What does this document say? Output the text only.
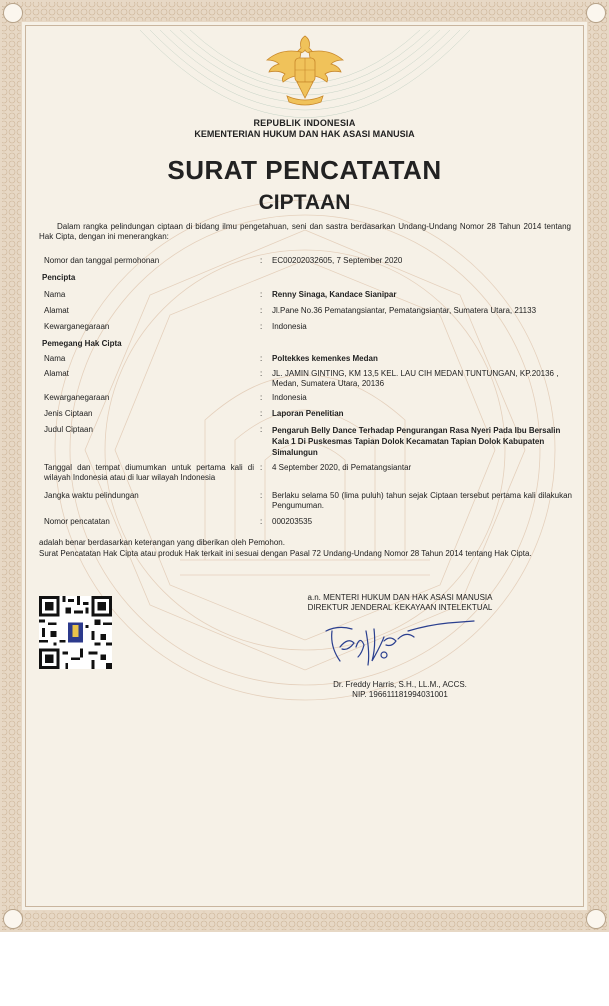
REPUBLIK INDONESIA
KEMENTERIAN HUKUM DAN HAK ASASI MANUSIA
SURAT PENCATATAN
CIPTAAN
Dalam rangka pelindungan ciptaan di bidang ilmu pengetahuan, seni dan sastra berdasarkan Undang-Undang Nomor 28 Tahun 2014 tentang Hak Cipta, dengan ini menerangkan:
Nomor dan tanggal permohonan	: EC00202032605, 7 September 2020
Pencipta
Nama	: Renny Sinaga, Kandace Sianipar
Alamat	: Jl.Pane No.36 Pematangsiantar, Pematangsiantar, Sumatera Utara, 21133
Kewarganegaraan	: Indonesia
Pemegang Hak Cipta
Nama	: Poltekkes kemenkes Medan
Alamat	: JL. JAMIN GINTING, KM 13,5 KEL. LAU CIH MEDAN TUNTUNGAN, KP.20136 , Medan, Sumatera Utara, 20136
Kewarganegaraan	: Indonesia
Jenis Ciptaan	: Laporan Penelitian
Judul Ciptaan	: Pengaruh Belly Dance Terhadap Pengurangan Rasa Nyeri Pada Ibu Bersalin Kala 1 Di Puskesmas Tapian Dolok Kecamatan Tapian Dolok Kabupaten Simalungun
Tanggal dan tempat diumumkan untuk pertama kali di wilayah Indonesia atau di luar wilayah Indonesia
: 4 September 2020, di Pematangsiantar
Jangka waktu pelindungan	: Berlaku selama 50 (lima puluh) tahun sejak Ciptaan tersebut pertama kali dilakukan Pengumuman.
Nomor pencatatan	: 000203535
adalah benar berdasarkan keterangan yang diberikan oleh Pemohon.
Surat Pencatatan Hak Cipta atau produk Hak terkait ini sesuai dengan Pasal 72 Undang-Undang Nomor 28 Tahun 2014 tentang Hak Cipta.
a.n. MENTERI HUKUM DAN HAK ASASI MANUSIA
DIREKTUR JENDERAL KEKAYAAN INTELEKTUAL
Dr. Freddy Harris, S.H., LL.M., ACCS.
NIP. 196611181994031001
